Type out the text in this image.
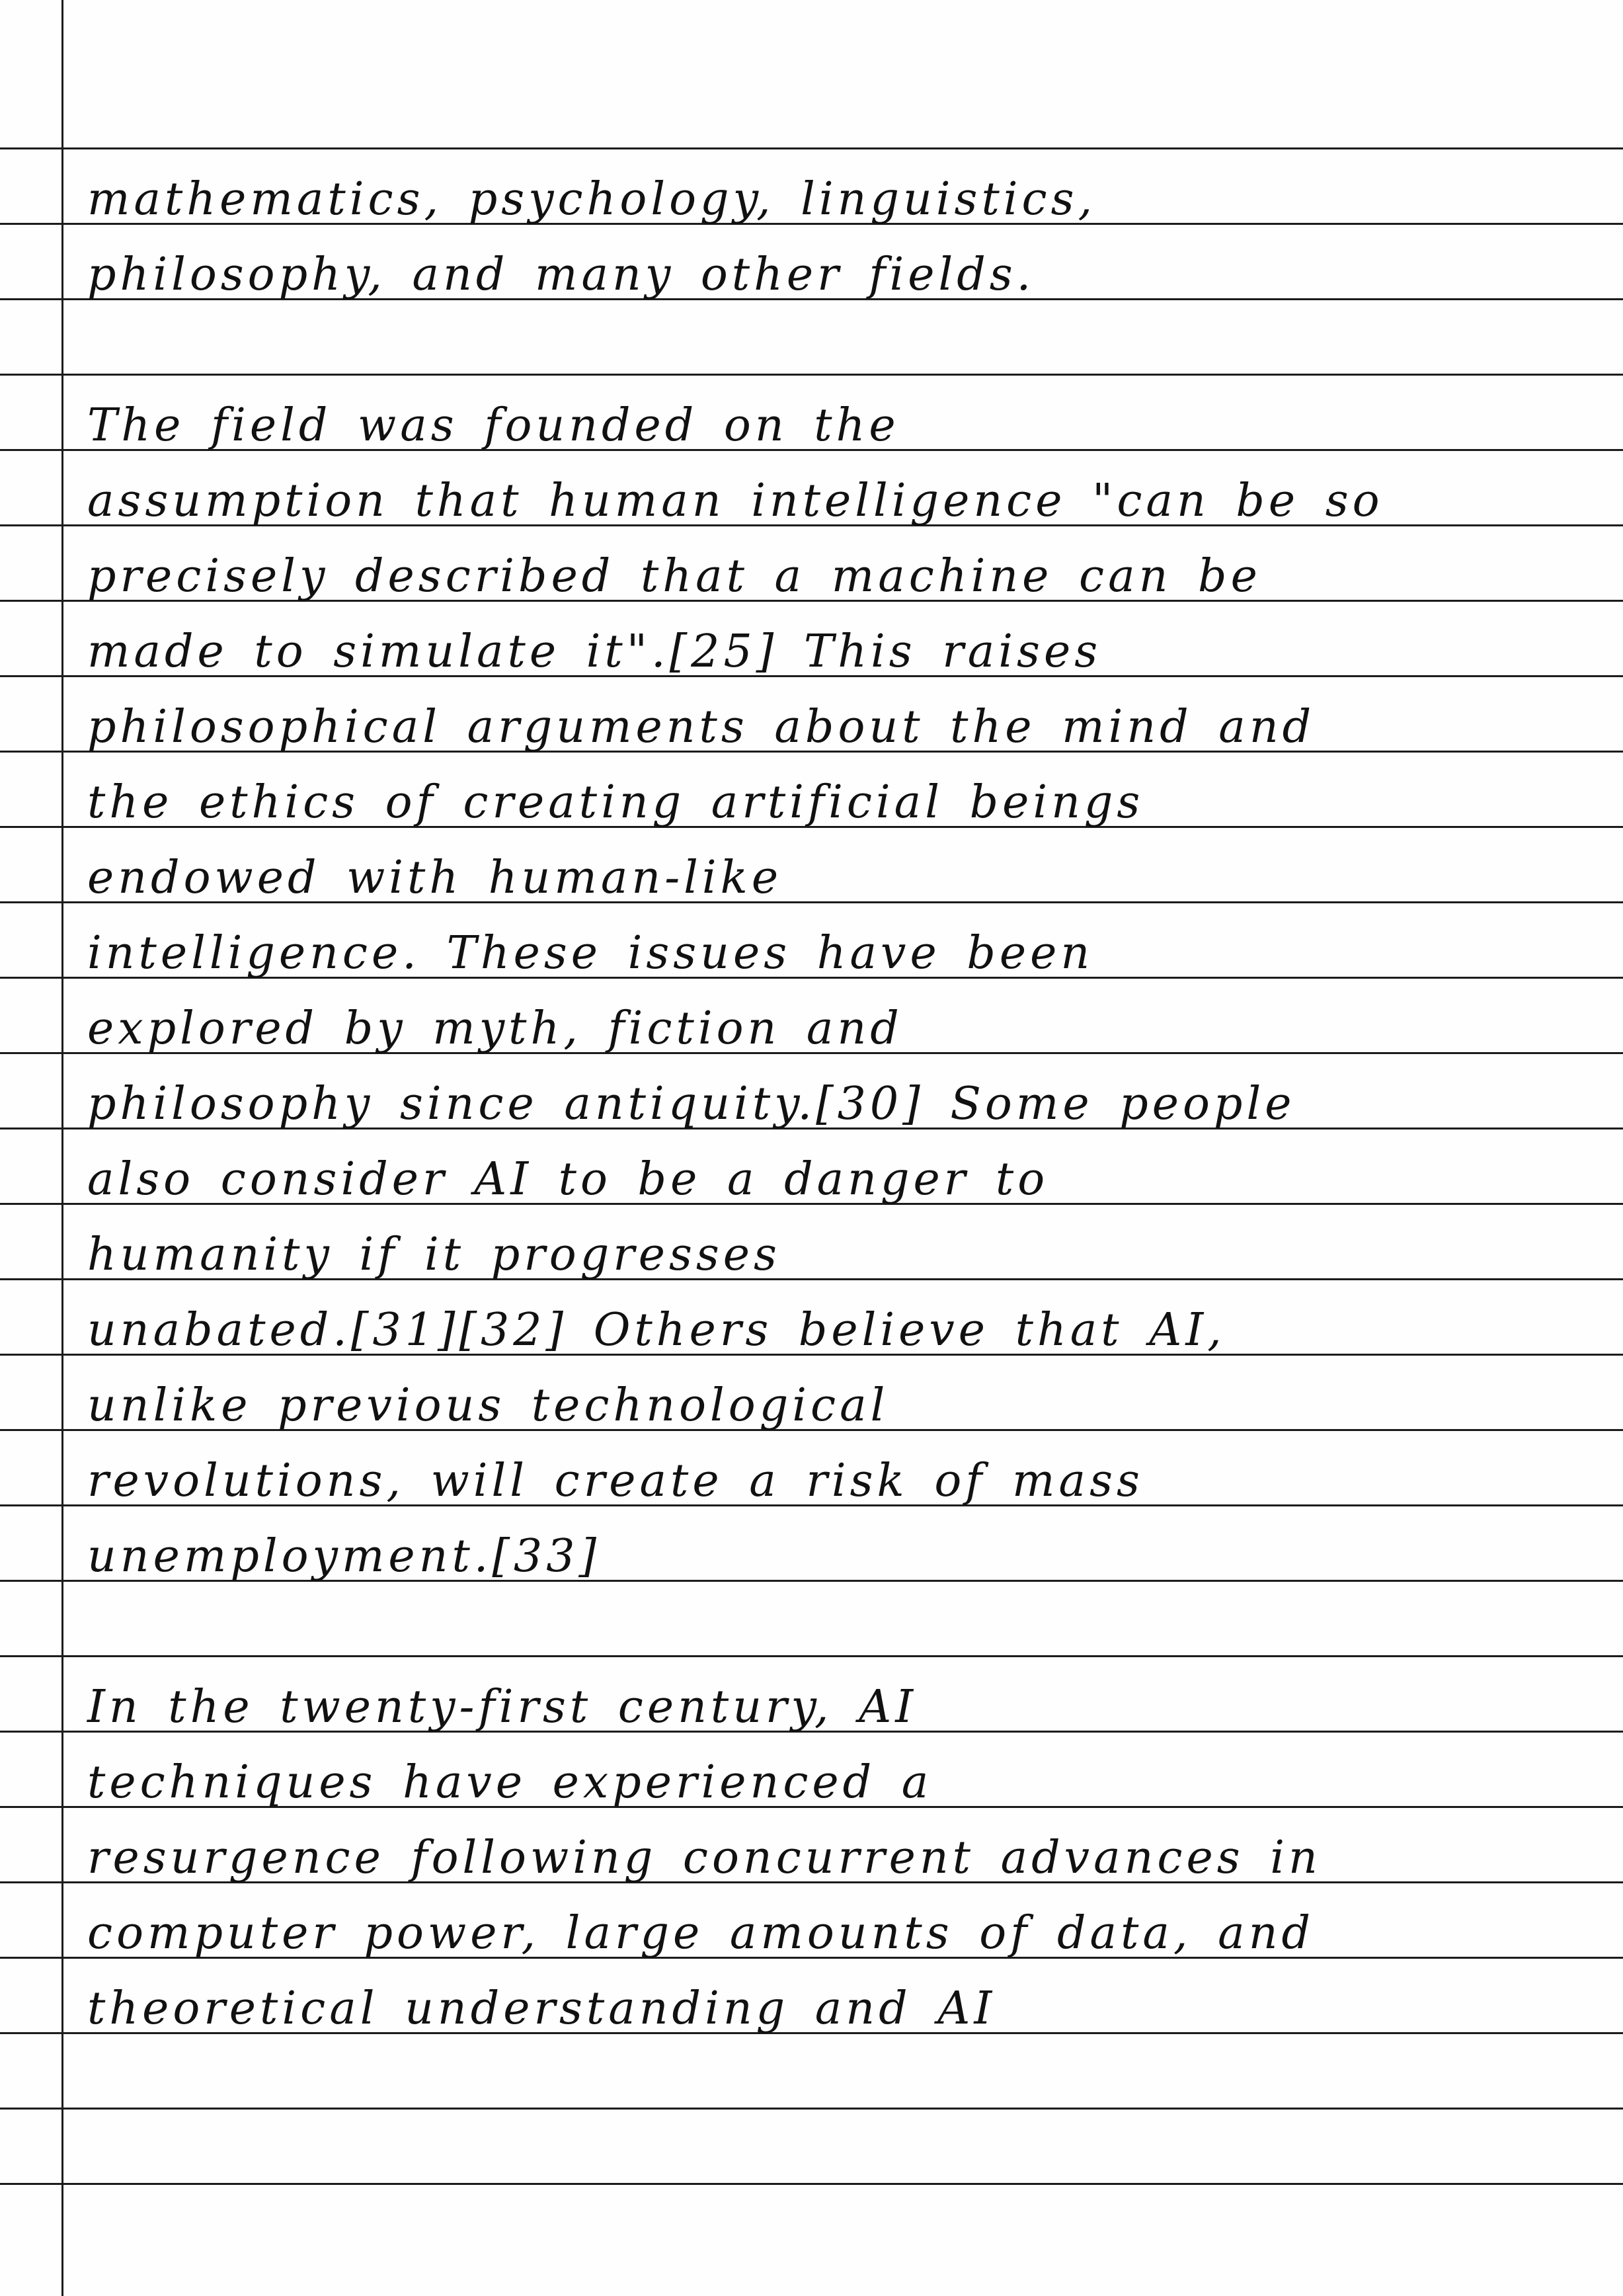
mathematics, psychology, linguistics,
philosophy, and many other fields.
The field was founded on the
assumption that human intelligence "can be so
precisely described that a machine can be
made to simulate it".[25] This raises
philosophical arguments about the mind and
the ethics of creating artificial beings
endowed with human-like
intelligence. These issues have been
explored by myth, fiction and
philosophy since antiquity.[30] Some people
also consider AI to be a danger to
humanity if it progresses
unabated.[31][32] Others believe that AI,
unlike previous technological
revolutions, will create a risk of mass
unemployment.[33]
In the twenty-first century, AI
techniques have experienced a
resurgence following concurrent advances in
computer power, large amounts of data, and
theoretical understanding and AI
